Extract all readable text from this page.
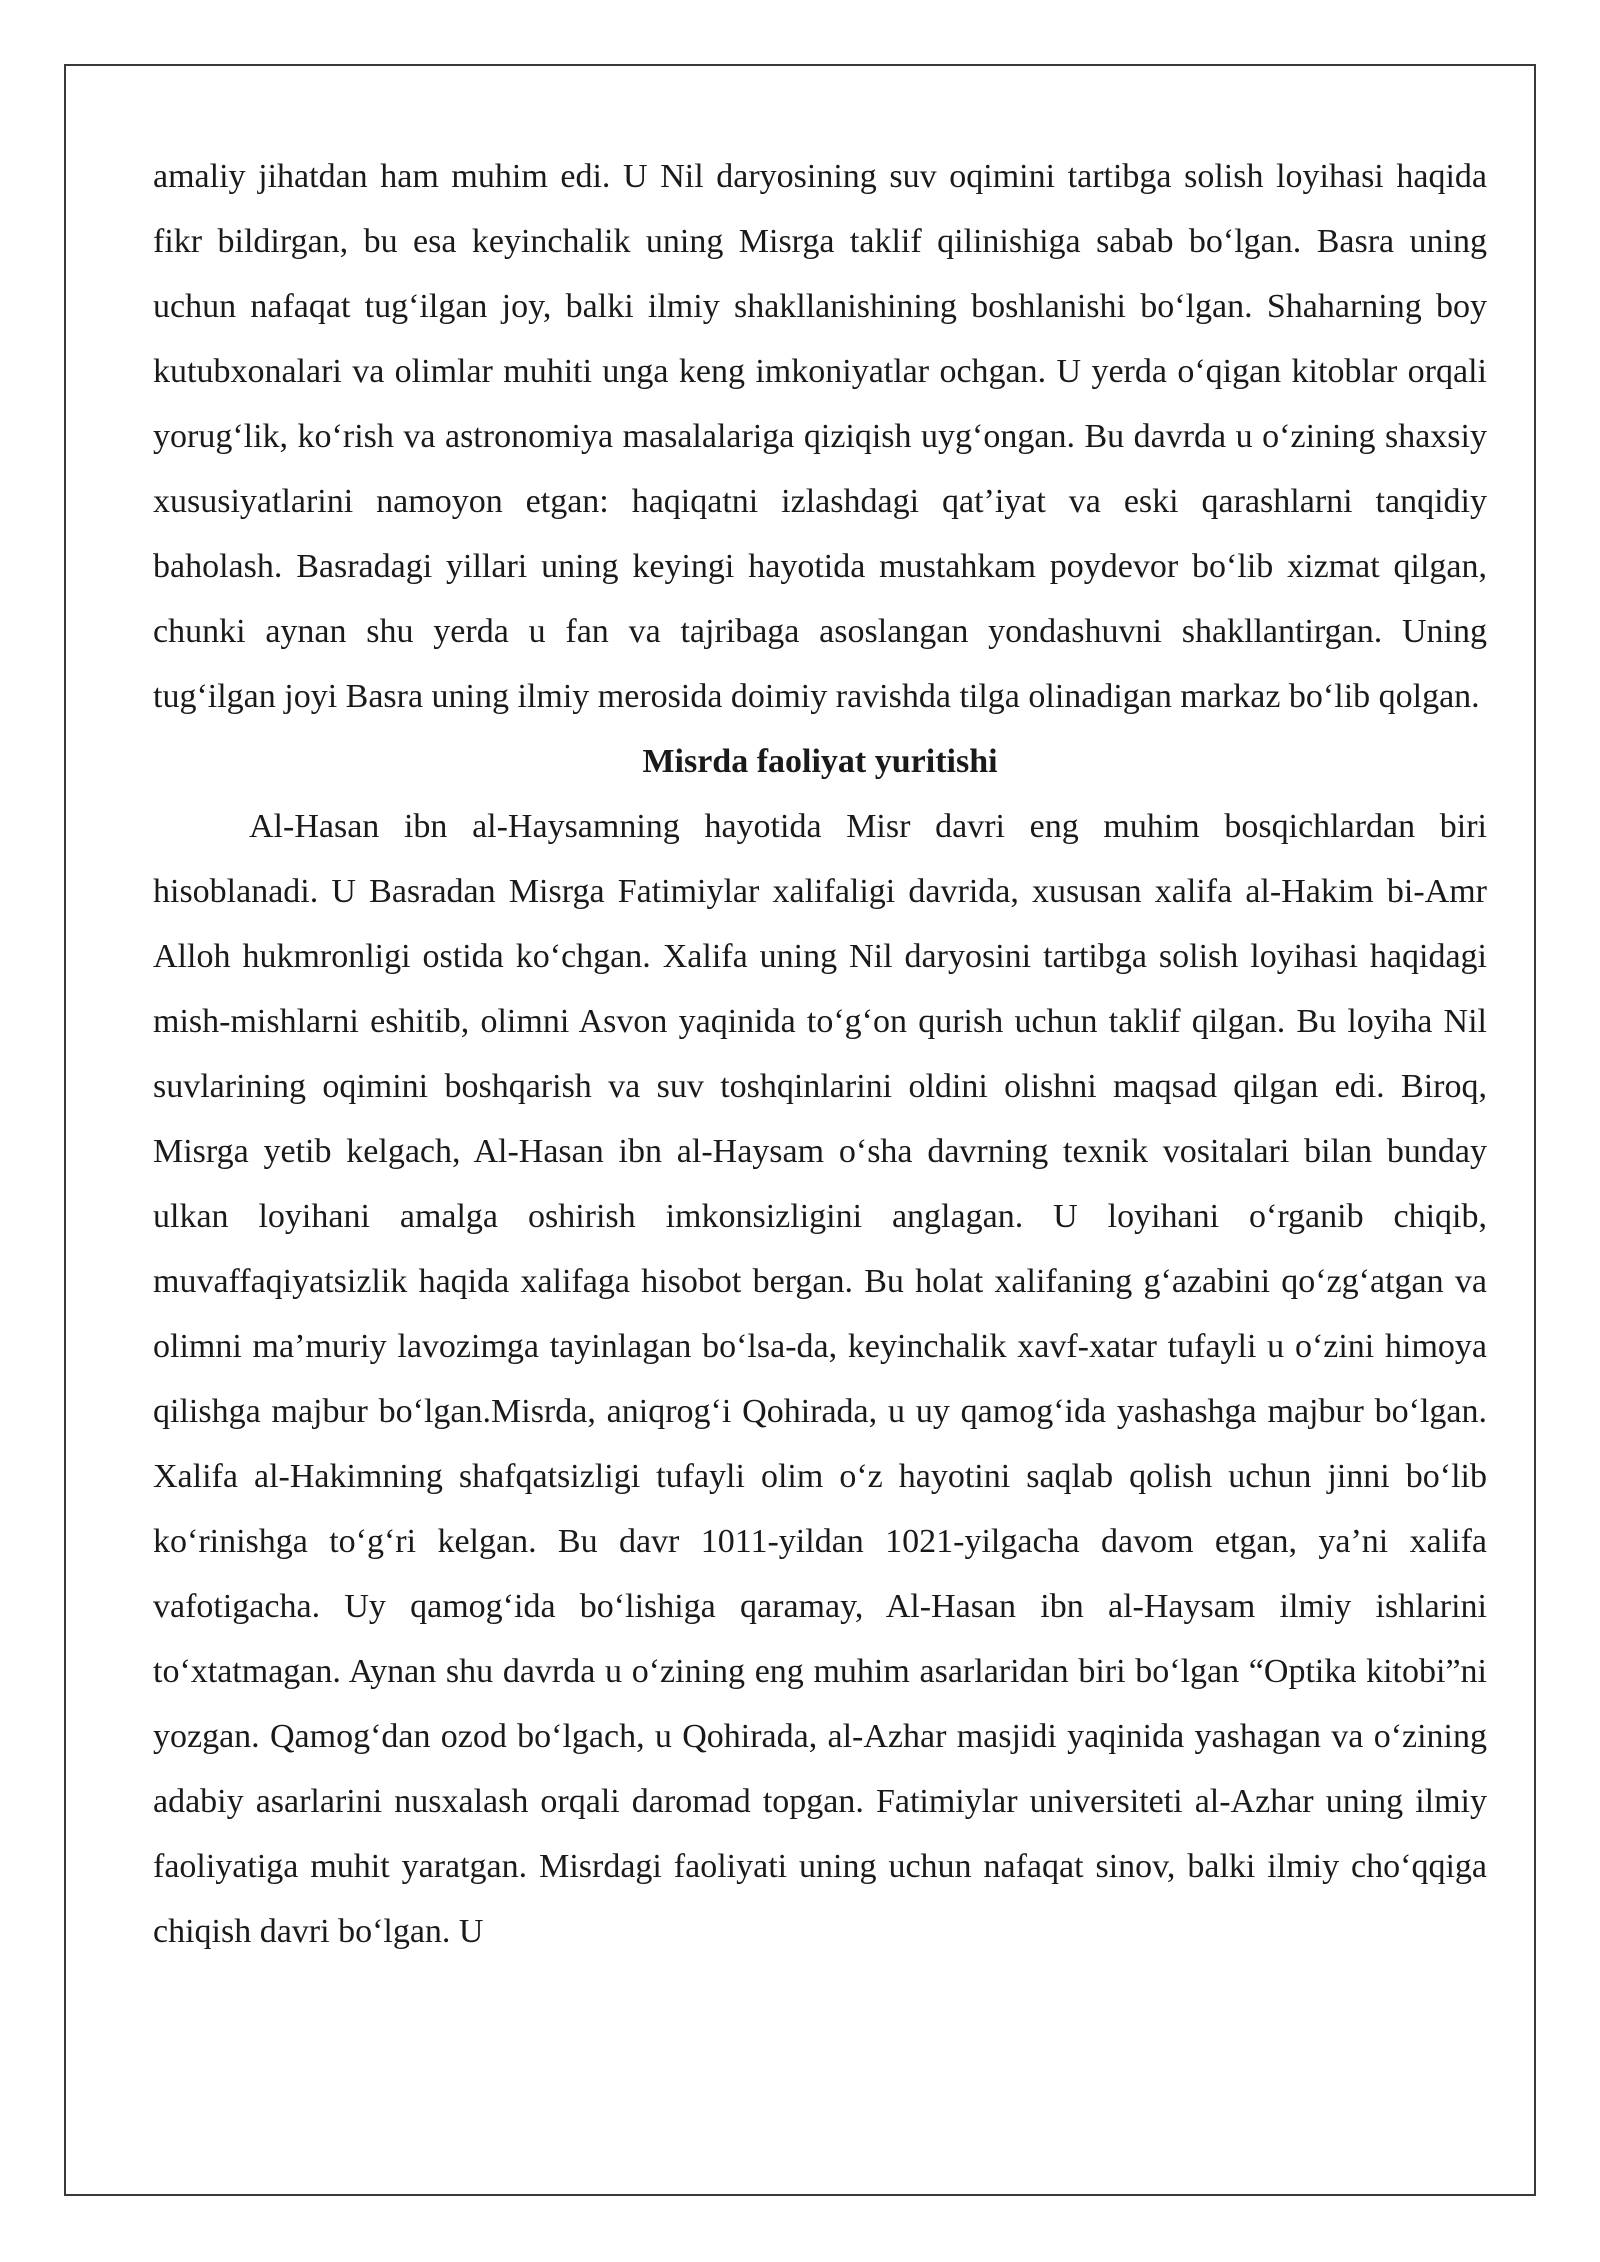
amaliy jihatdan ham muhim edi. U Nil daryosining suv oqimini tartibga solish loyihasi haqida fikr bildirgan, bu esa keyinchalik uning Misrga taklif qilinishiga sabab bo‘lgan. Basra uning uchun nafaqat tug‘ilgan joy, balki ilmiy shakllanishining boshlanishi bo‘lgan. Shaharning boy kutubxonalari va olimlar muhiti unga keng imkoniyatlar ochgan. U yerda o‘qigan kitoblar orqali yorug‘lik, ko‘rish va astronomiya masalalariga qiziqish uyg‘ongan. Bu davrda u o‘zining shaxsiy xususiyatlarini namoyon etgan: haqiqatni izlashdagi qat’iyat va eski qarashlarni tanqidiy baholash. Basradagi yillari uning keyingi hayotida mustahkam poydevor bo‘lib xizmat qilgan, chunki aynan shu yerda u fan va tajribaga asoslangan yondashuvni shakllantirgan. Uning tug‘ilgan joyi Basra uning ilmiy merosida doimiy ravishda tilga olinadigan markaz bo‘lib qolgan.

Misrda faoliyat yuritishi

Al-Hasan ibn al-Haysamning hayotida Misr davri eng muhim bosqichlardan biri hisoblanadi. U Basradan Misrga Fatimiylar xalifaligi davrida, xususan xalifa al-Hakim bi-Amr Alloh hukmronligi ostida ko‘chgan. Xalifa uning Nil daryosini tartibga solish loyihasi haqidagi mish-mishlarni eshitib, olimni Asvon yaqinida to‘g‘on qurish uchun taklif qilgan. Bu loyiha Nil suvlarining oqimini boshqarish va suv toshqinlarini oldini olishni maqsad qilgan edi. Biroq, Misrga yetib kelgach, Al-Hasan ibn al-Haysam o‘sha davrning texnik vositalari bilan bunday ulkan loyihani amalga oshirish imkonsizligini anglagan. U loyihani o‘rganib chiqib, muvaffaqiyatsizlik haqida xalifaga hisobot bergan. Bu holat xalifaning g‘azabini qo‘zg‘atgan va olimni ma’muriy lavozimga tayinlagan bo‘lsa-da, keyinchalik xavf-xatar tufayli u o‘zini himoya qilishga majbur bo‘lgan.Misrda, aniqrog‘i Qohirada, u uy qamog‘ida yashashga majbur bo‘lgan. Xalifa al-Hakimning shafqatsizligi tufayli olim o‘z hayotini saqlab qolish uchun jinni bo‘lib ko‘rinishga to‘g‘ri kelgan. Bu davr 1011-yildan 1021-yilgacha davom etgan, ya’ni xalifa vafotigacha. Uy qamog‘ida bo‘lishiga qaramay, Al-Hasan ibn al-Haysam ilmiy ishlarini to‘xtatmagan. Aynan shu davrda u o‘zining eng muhim asarlaridan biri bo‘lgan “Optika kitobi”ni yozgan. Qamog‘dan ozod bo‘lgach, u Qohirada, al-Azhar masjidi yaqinida yashagan va o‘zining adabiy asarlarini nusxalash orqali daromad topgan. Fatimiylar universiteti al-Azhar uning ilmiy faoliyatiga muhit yaratgan. Misrdagi faoliyati uning uchun nafaqat sinov, balki ilmiy cho‘qqiga chiqish davri bo‘lgan. U
